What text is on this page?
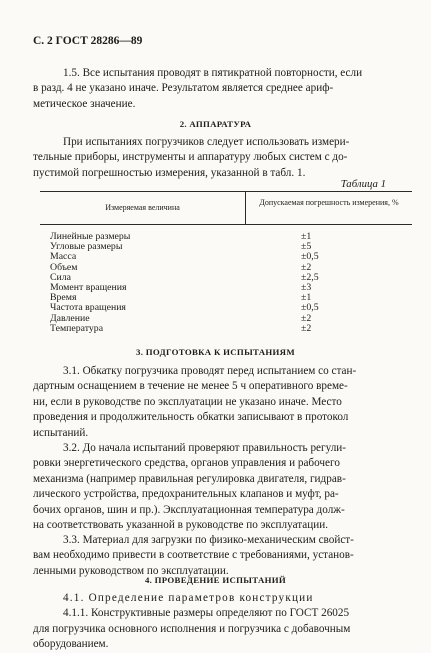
С. 2 ГОСТ 28286—89
1.5. Все испытания проводят в пятикратной повторности, если
в разд. 4 не указано иначе. Результатом является среднее ариф-
метическое значение.
2. АППАРАТУРА
При испытаниях погрузчиков следует использовать измери-
тельные приборы, инструменты и аппаратуру любых систем с до-
пустимой погрешностью измерения, указанной в табл. 1.
Таблица 1
Измеряемая величина
Допускаемая погрешность измерения, %
Линейные размеры	±1
Угловые размеры	±5
Масса	±0,5
Объем	±2
Сила	±2,5
Момент вращения	±3
Время	±1
Частота вращения	±0,5
Давление	±2
Температура	±2
3. ПОДГОТОВКА К ИСПЫТАНИЯМ
3.1. Обкатку погрузчика проводят перед испытанием со стан-
дартным оснащением в течение не менее 5 ч оперативного време-
ни, если в руководстве по эксплуатации не указано иначе. Место
проведения и продолжительность обкатки записывают в протокол
испытаний.
3.2. До начала испытаний проверяют правильность регули-
ровки энергетического средства, органов управления и рабочего
механизма (например правильная регулировка двигателя, гидрав-
лического устройства, предохранительных клапанов и муфт, ра-
бочих органов, шин и пр.). Эксплуатационная температура долж-
на соответствовать указанной в руководстве по эксплуатации.
3.3. Материал для загрузки по физико-механическим свойст-
вам необходимо привести в соответствие с требованиями, установ-
ленными руководством по эксплуатации.
4. ПРОВЕДЕНИЕ ИСПЫТАНИЙ
4.1. Определение параметров конструкции
4.1.1. Конструктивные размеры определяют по ГОСТ 26025
для погрузчика основного исполнения и погрузчика с добавочным
оборудованием.
